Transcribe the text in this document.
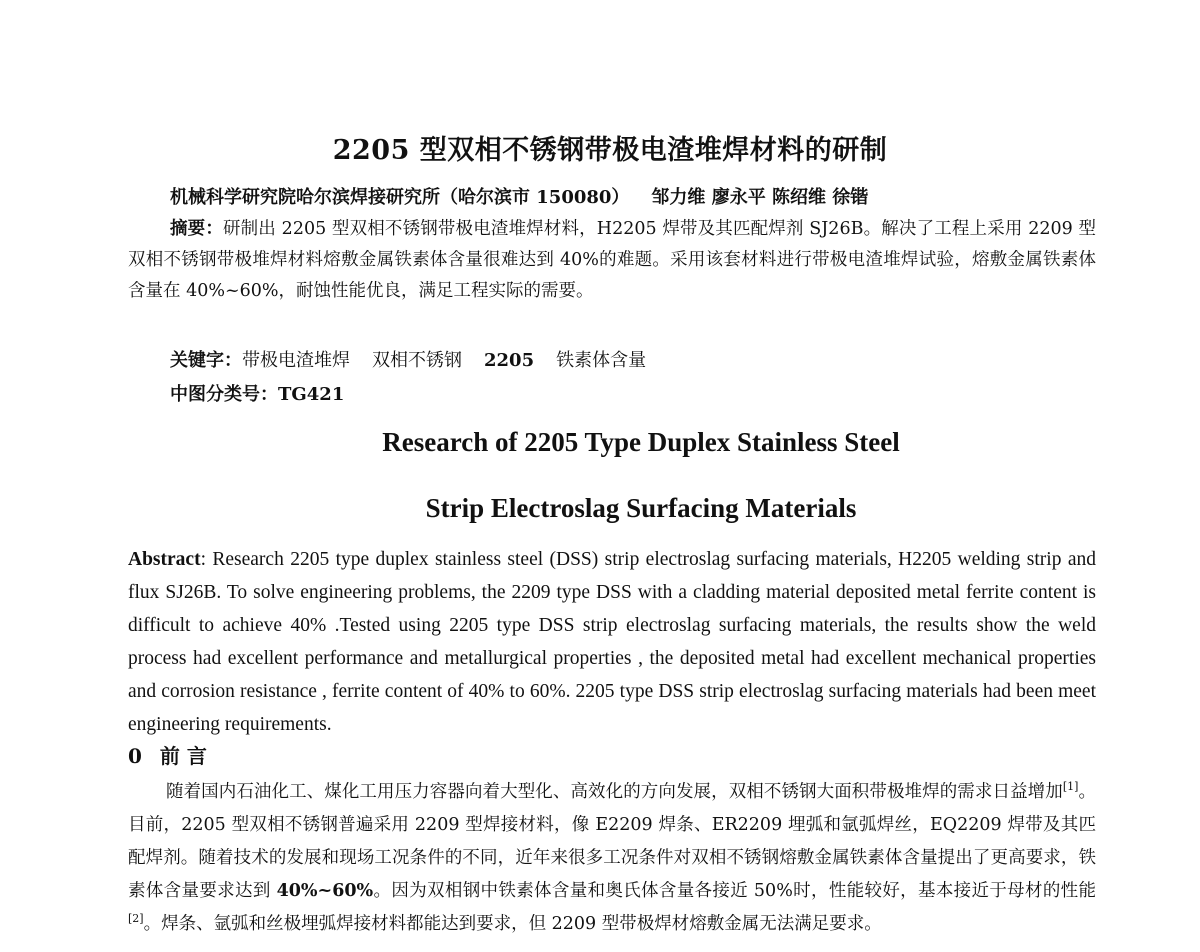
2205 型双相不锈钢带极电渣堆焊材料的研制
机械科学研究院哈尔滨焊接研究所（哈尔滨市 150080） 邹力维 廖永平 陈绍维 徐锴

摘要：研制出 2205 型双相不锈钢带极电渣堆焊材料，H2205 焊带及其匹配焊剂 SJ26B。解决了工程上采用 2209 型双相不锈钢带极堆焊材料熔敷金属铁素体含量很难达到 40%的难题。采用该套材料进行带极电渣堆焊试验，熔敷金属铁素体含量在 40%~60%，耐蚀性能优良，满足工程实际的需要。

关键字：带极电渣堆焊 双相不锈钢 2205 铁素体含量
中图分类号：TG421
Research of 2205 Type Duplex Stainless Steel
Strip Electroslag Surfacing Materials

Abstract: Research 2205 type duplex stainless steel (DSS) strip electroslag surfacing materials, H2205 welding strip and flux SJ26B. To solve engineering problems, the 2209 type DSS with a cladding material deposited metal ferrite content is difficult to achieve 40% .Tested using 2205 type DSS strip electroslag surfacing materials, the results show the weld process had excellent performance and metallurgical properties , the deposited metal had excellent mechanical properties and corrosion resistance , ferrite content of 40% to 60%. 2205 type DSS strip electroslag surfacing materials had been meet engineering requirements.

0 前 言

随着国内石油化工、煤化工用压力容器向着大型化、高效化的方向发展，双相不锈钢大面积带极堆焊的需求日益增加[1]。目前，2205 型双相不锈钢普遍采用 2209 型焊接材料，像 E2209 焊条、ER2209 埋弧和氩弧焊丝，EQ2209 焊带及其匹配焊剂。随着技术的发展和现场工况条件的不同，近年来很多工况条件对双相不锈钢熔敷金属铁素体含量提出了更高要求，铁素体含量要求达到 40%~60%。因为双相钢中铁素体含量和奥氏体含量各接近 50%时，性能较好，基本接近于母材的性能[2]。焊条、氩弧和丝极埋弧焊接材料都能达到要求，但 2209 型带极焊材熔敷金属无法满足要求。
